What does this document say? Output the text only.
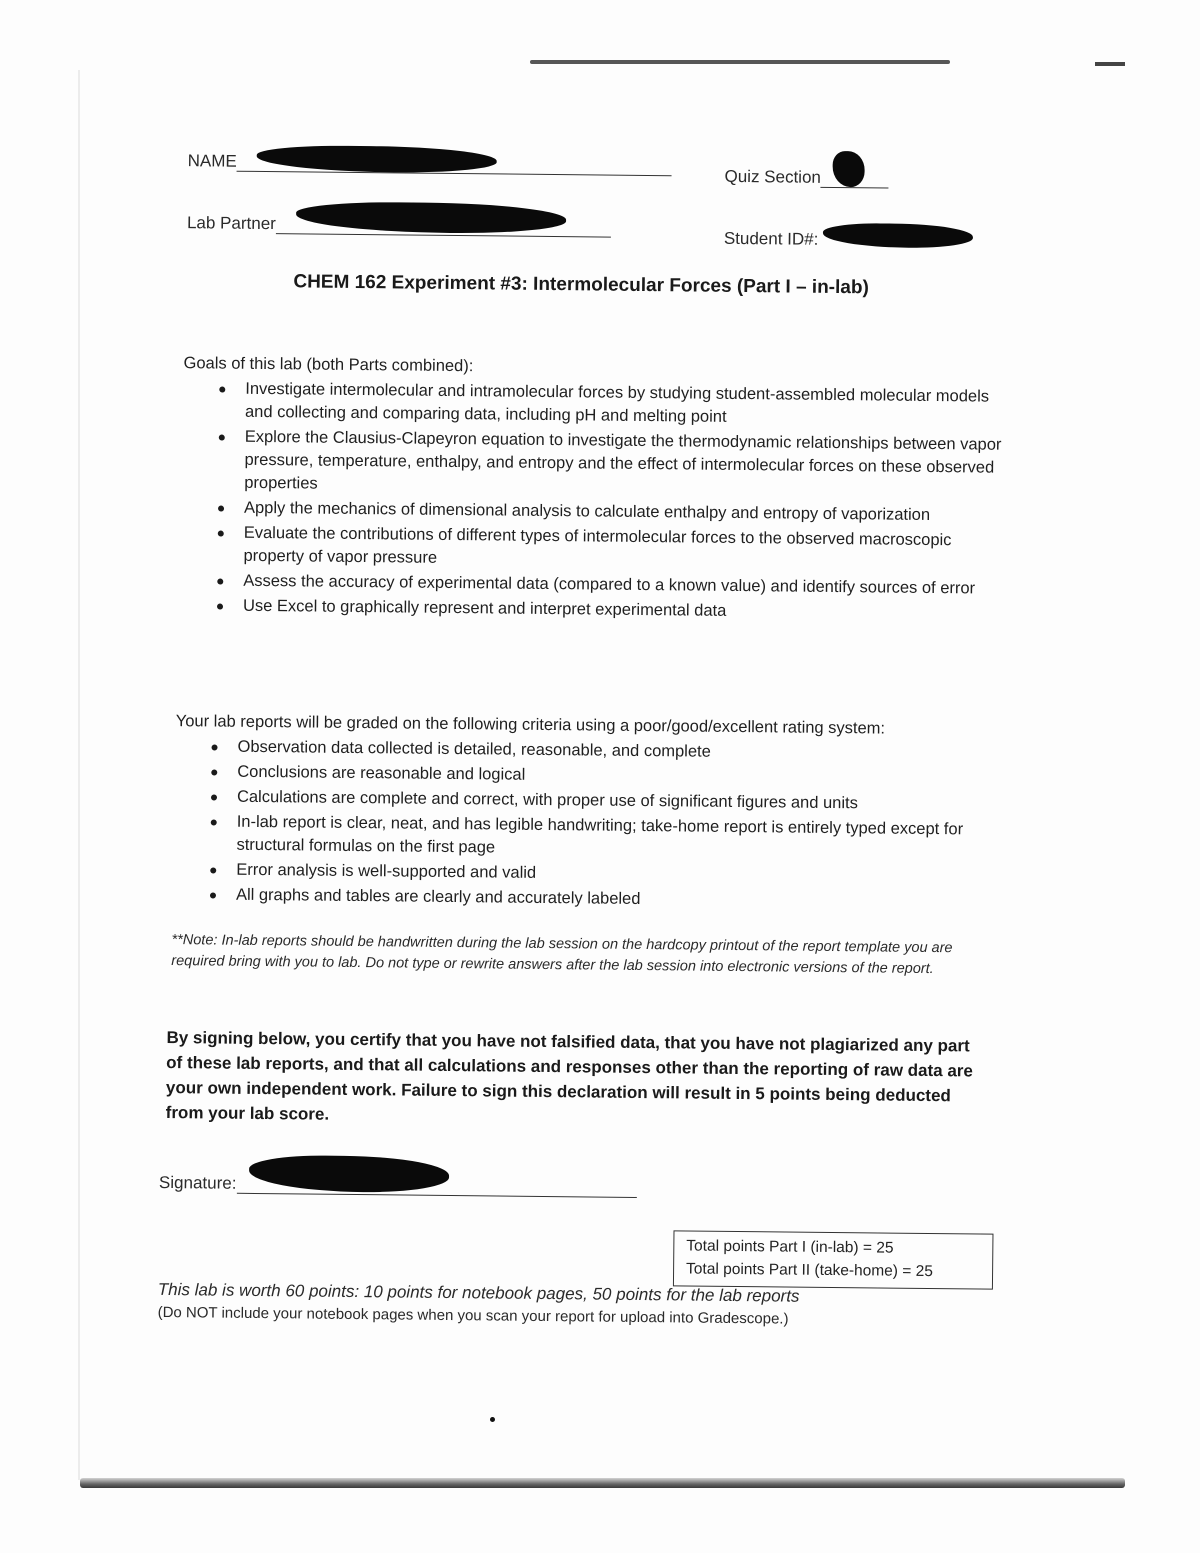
NAME
Quiz Section
Lab Partner
Student ID#:
CHEM 162 Experiment #3: Intermolecular Forces (Part I – in-lab)
Goals of this lab (both Parts combined):
Investigate intermolecular and intramolecular forces by studying student-assembled molecular models and collecting and comparing data, including pH and melting point
Explore the Clausius-Clapeyron equation to investigate the thermodynamic relationships between vapor pressure, temperature, enthalpy, and entropy and the effect of intermolecular forces on these observed properties
Apply the mechanics of dimensional analysis to calculate enthalpy and entropy of vaporization
Evaluate the contributions of different types of intermolecular forces to the observed macroscopic property of vapor pressure
Assess the accuracy of experimental data (compared to a known value) and identify sources of error
Use Excel to graphically represent and interpret experimental data
Your lab reports will be graded on the following criteria using a poor/good/excellent rating system:
Observation data collected is detailed, reasonable, and complete
Conclusions are reasonable and logical
Calculations are complete and correct, with proper use of significant figures and units
In-lab report is clear, neat, and has legible handwriting; take-home report is entirely typed except for structural formulas on the first page
Error analysis is well-supported and valid
All graphs and tables are clearly and accurately labeled
**Note: In-lab reports should be handwritten during the lab session on the hardcopy printout of the report template you are required bring with you to lab. Do not type or rewrite answers after the lab session into electronic versions of the report.
By signing below, you certify that you have not falsified data, that you have not plagiarized any part of these lab reports, and that all calculations and responses other than the reporting of raw data are your own independent work. Failure to sign this declaration will result in 5 points being deducted from your lab score.
Signature:
Total points Part I (in-lab) = 25
Total points Part II (take-home) = 25
This lab is worth 60 points: 10 points for notebook pages, 50 points for the lab reports
(Do NOT include your notebook pages when you scan your report for upload into Gradescope.)
